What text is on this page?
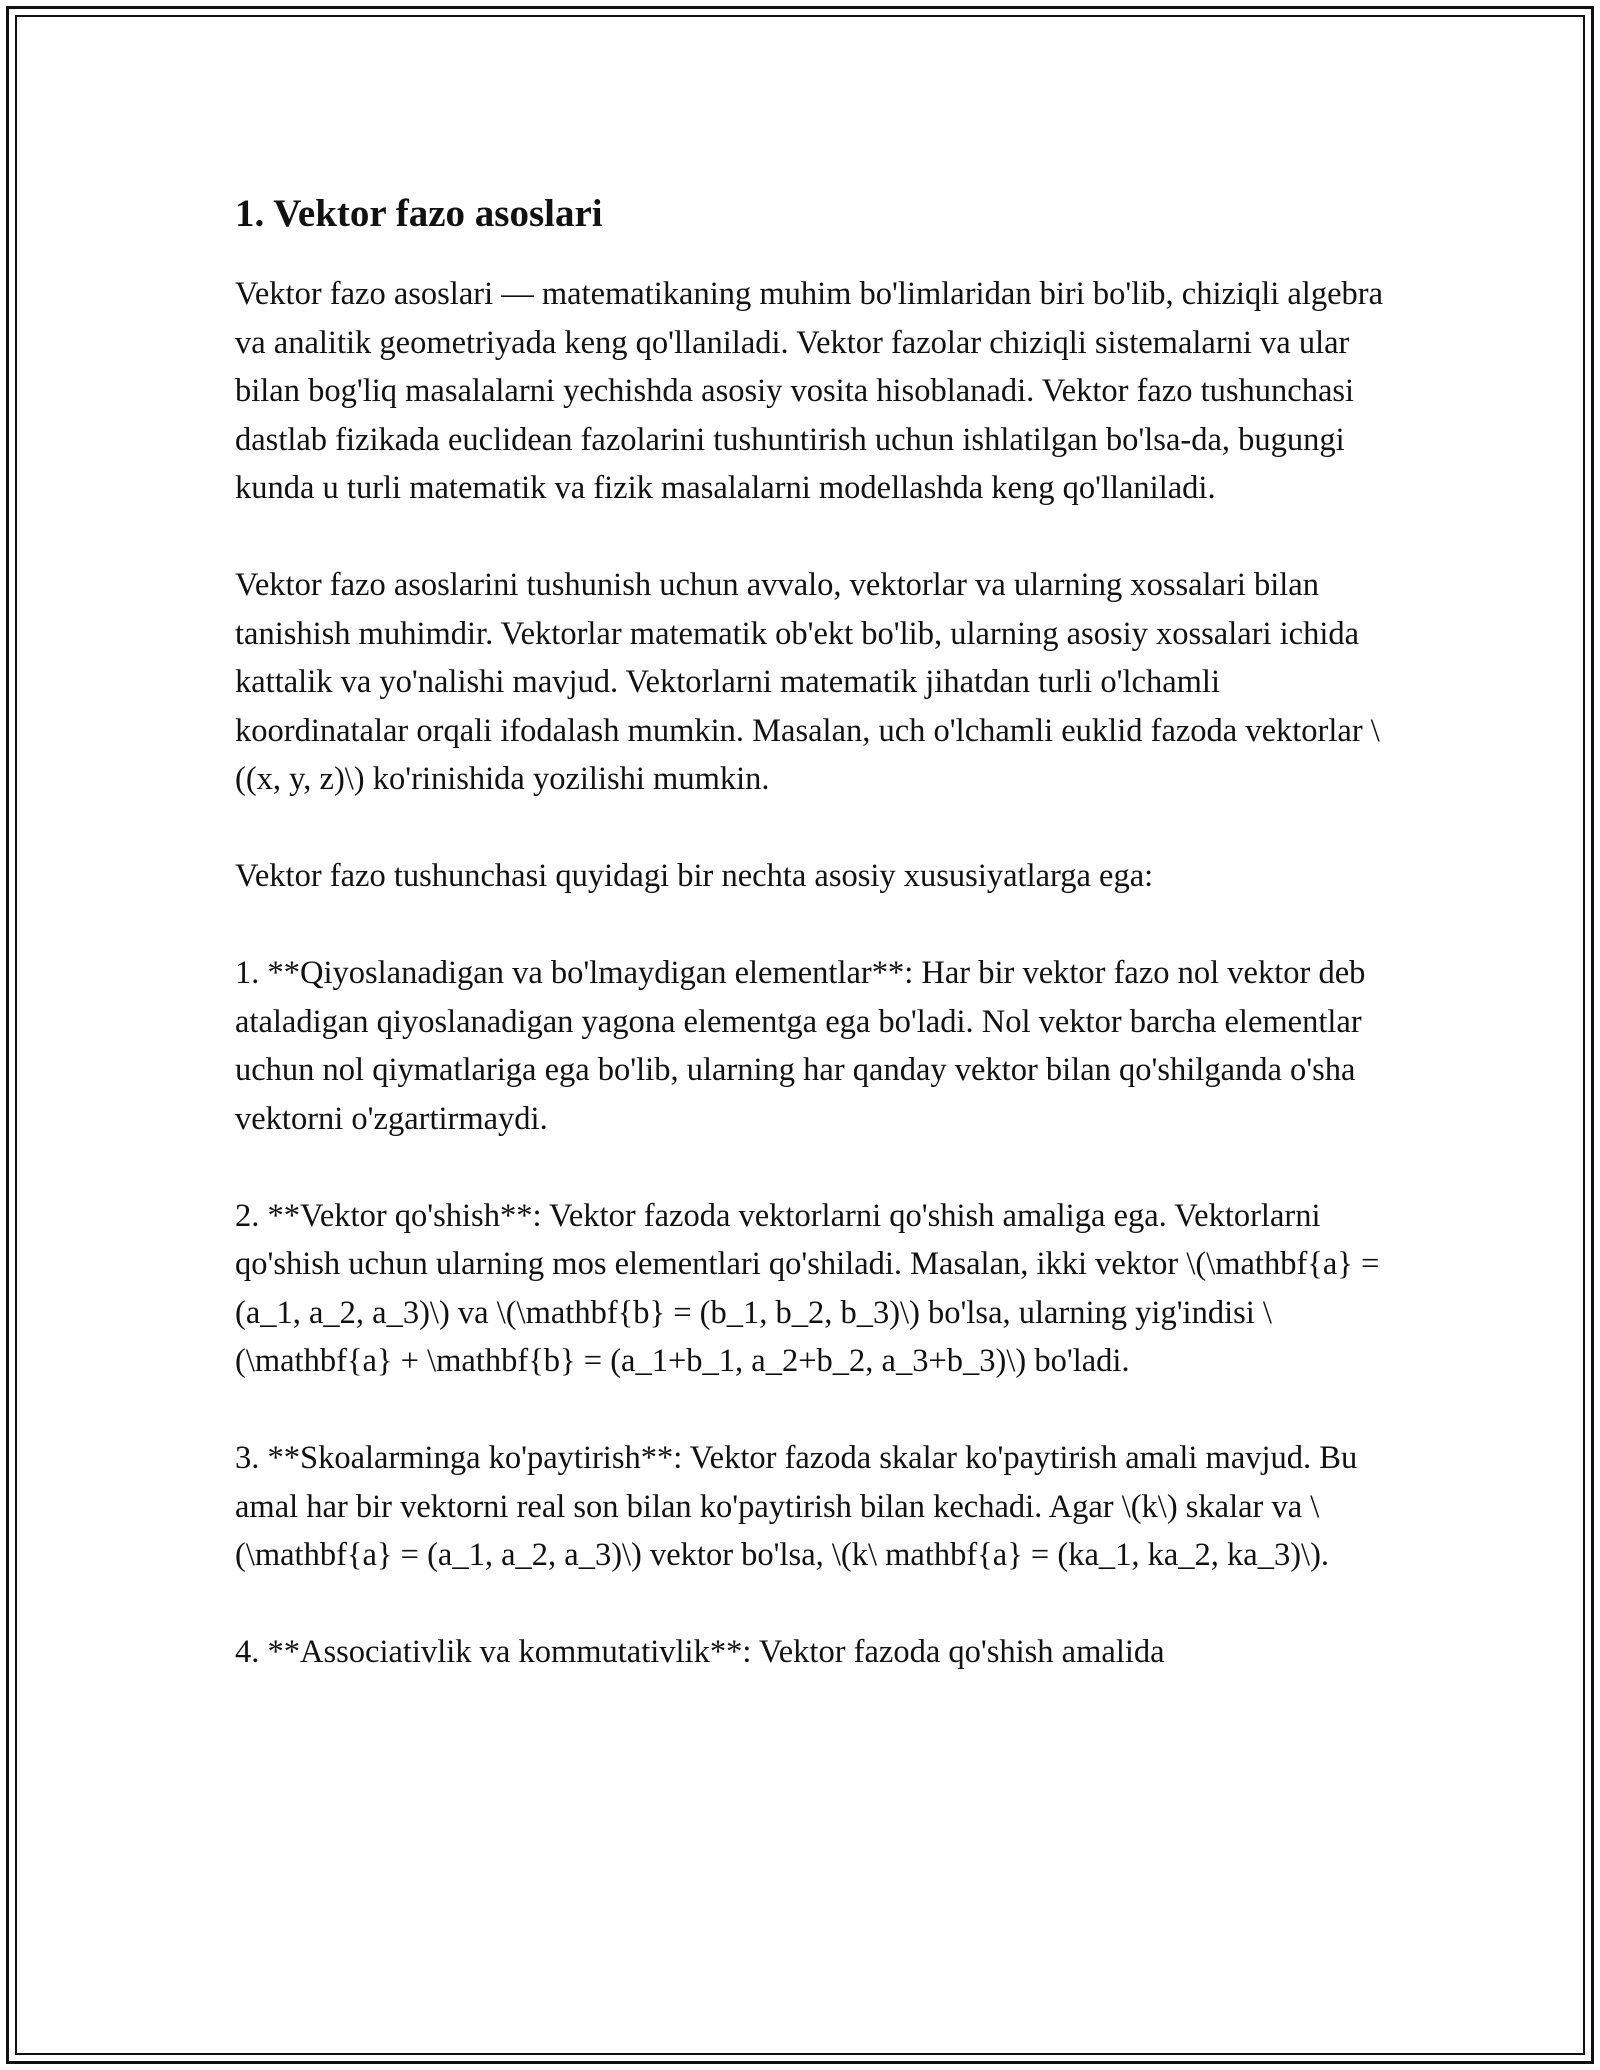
1. Vektor fazo asoslari

Vektor fazo asoslari — matematikaning muhim bo'limlaridan biri bo'lib, chiziqli algebra va analitik geometriyada keng qo'llaniladi. Vektor fazolar chiziqli sistemalarni va ular bilan bog'liq masalalarni yechishda asosiy vosita hisoblanadi. Vektor fazo tushunchasi dastlab fizikada euclidean fazolarini tushuntirish uchun ishlatilgan bo'lsa-da, bugungi kunda u turli matematik va fizik masalalarni modellashda keng qo'llaniladi.

Vektor fazo asoslarini tushunish uchun avvalo, vektorlar va ularning xossalari bilan tanishish muhimdir. Vektorlar matematik ob'ekt bo'lib, ularning asosiy xossalari ichida kattalik va yo'nalishi mavjud. Vektorlarni matematik jihatdan turli o'lchamli koordinatalar orqali ifodalash mumkin. Masalan, uch o'lchamli euklid fazoda vektorlar \((x, y, z)\) ko'rinishida yozilishi mumkin.

Vektor fazo tushunchasi quyidagi bir nechta asosiy xususiyatlarga ega:

1. **Qiyoslanadigan va bo'lmaydigan elementlar**: Har bir vektor fazo nol vektor deb ataladigan qiyoslanadigan yagona elementga ega bo'ladi. Nol vektor barcha elementlar uchun nol qiymatlariga ega bo'lib, ularning har qanday vektor bilan qo'shilganda o'sha vektorni o'zgartirmaydi.

2. **Vektor qo'shish**: Vektor fazoda vektorlarni qo'shish amaliga ega. Vektorlarni qo'shish uchun ularning mos elementlari qo'shiladi. Masalan, ikki vektor \(\mathbf{a} = (a_1, a_2, a_3)\) va \(\mathbf{b} = (b_1, b_2, b_3)\) bo'lsa, ularning yig'indisi \(\mathbf{a} + \mathbf{b} = (a_1+b_1, a_2+b_2, a_3+b_3)\) bo'ladi.

3. **Skoalarminga ko'paytirish**: Vektor fazoda skalar ko'paytirish amali mavjud. Bu amal har bir vektorni real son bilan ko'paytirish bilan kechadi. Agar \(k\) skalar va \(\mathbf{a} = (a_1, a_2, a_3)\) vektor bo'lsa, \(k\ mathbf{a} = (ka_1, ka_2, ka_3)\).

4. **Associativlik va kommutativlik**: Vektor fazoda qo'shish amalida
